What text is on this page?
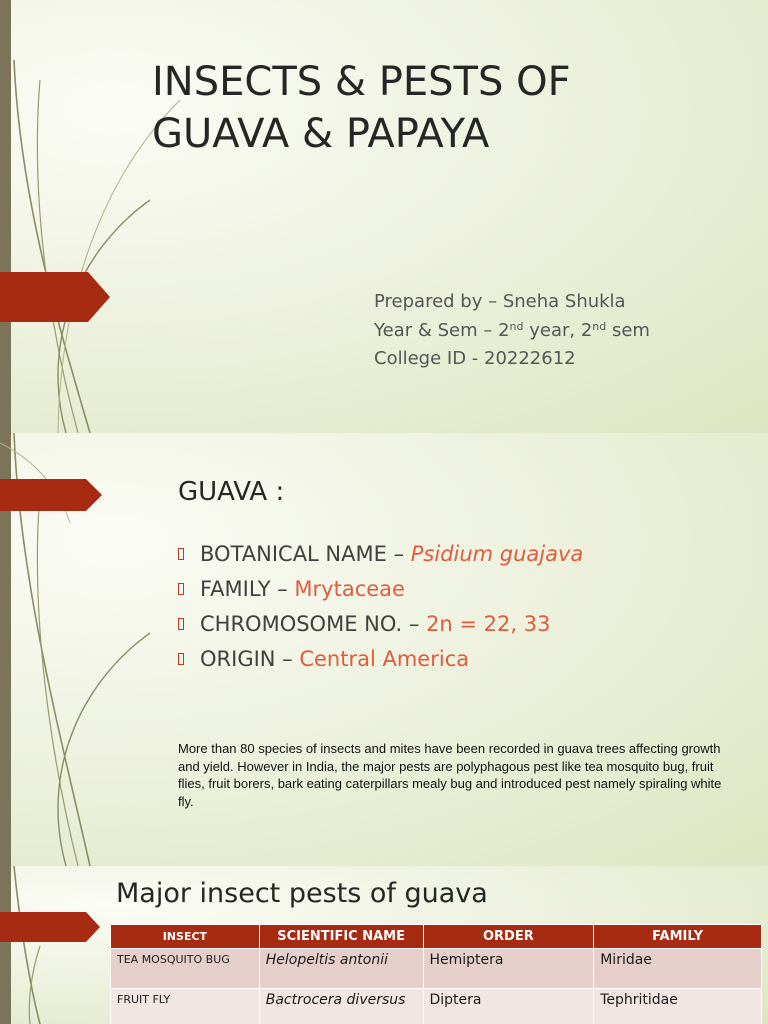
INSECTS & PESTS OF
GUAVA & PAPAYA
Prepared by – Sneha Shukla
Year & Sem – 2nd year, 2nd sem
College ID - 20222612
GUAVA :
BOTANICAL NAME – Psidium guajava
FAMILY – Mrytaceae
CHROMOSOME NO. – 2n = 22, 33
ORIGIN – Central America

More than 80 species of insects and mites have been recorded in guava trees affecting growth and yield. However in India, the major pests are polyphagous pest like tea mosquito bug, fruit flies, fruit borers, bark eating caterpillars mealy bug and introduced pest namely spiraling white fly.

Major insect pests of guava
INSECT	SCIENTIFIC NAME	ORDER	FAMILY
TEA MOSQUITO BUG	Helopeltis antonii	Hemiptera	Miridae
FRUIT FLY	Bactrocera diversus	Diptera	Tephritidae
